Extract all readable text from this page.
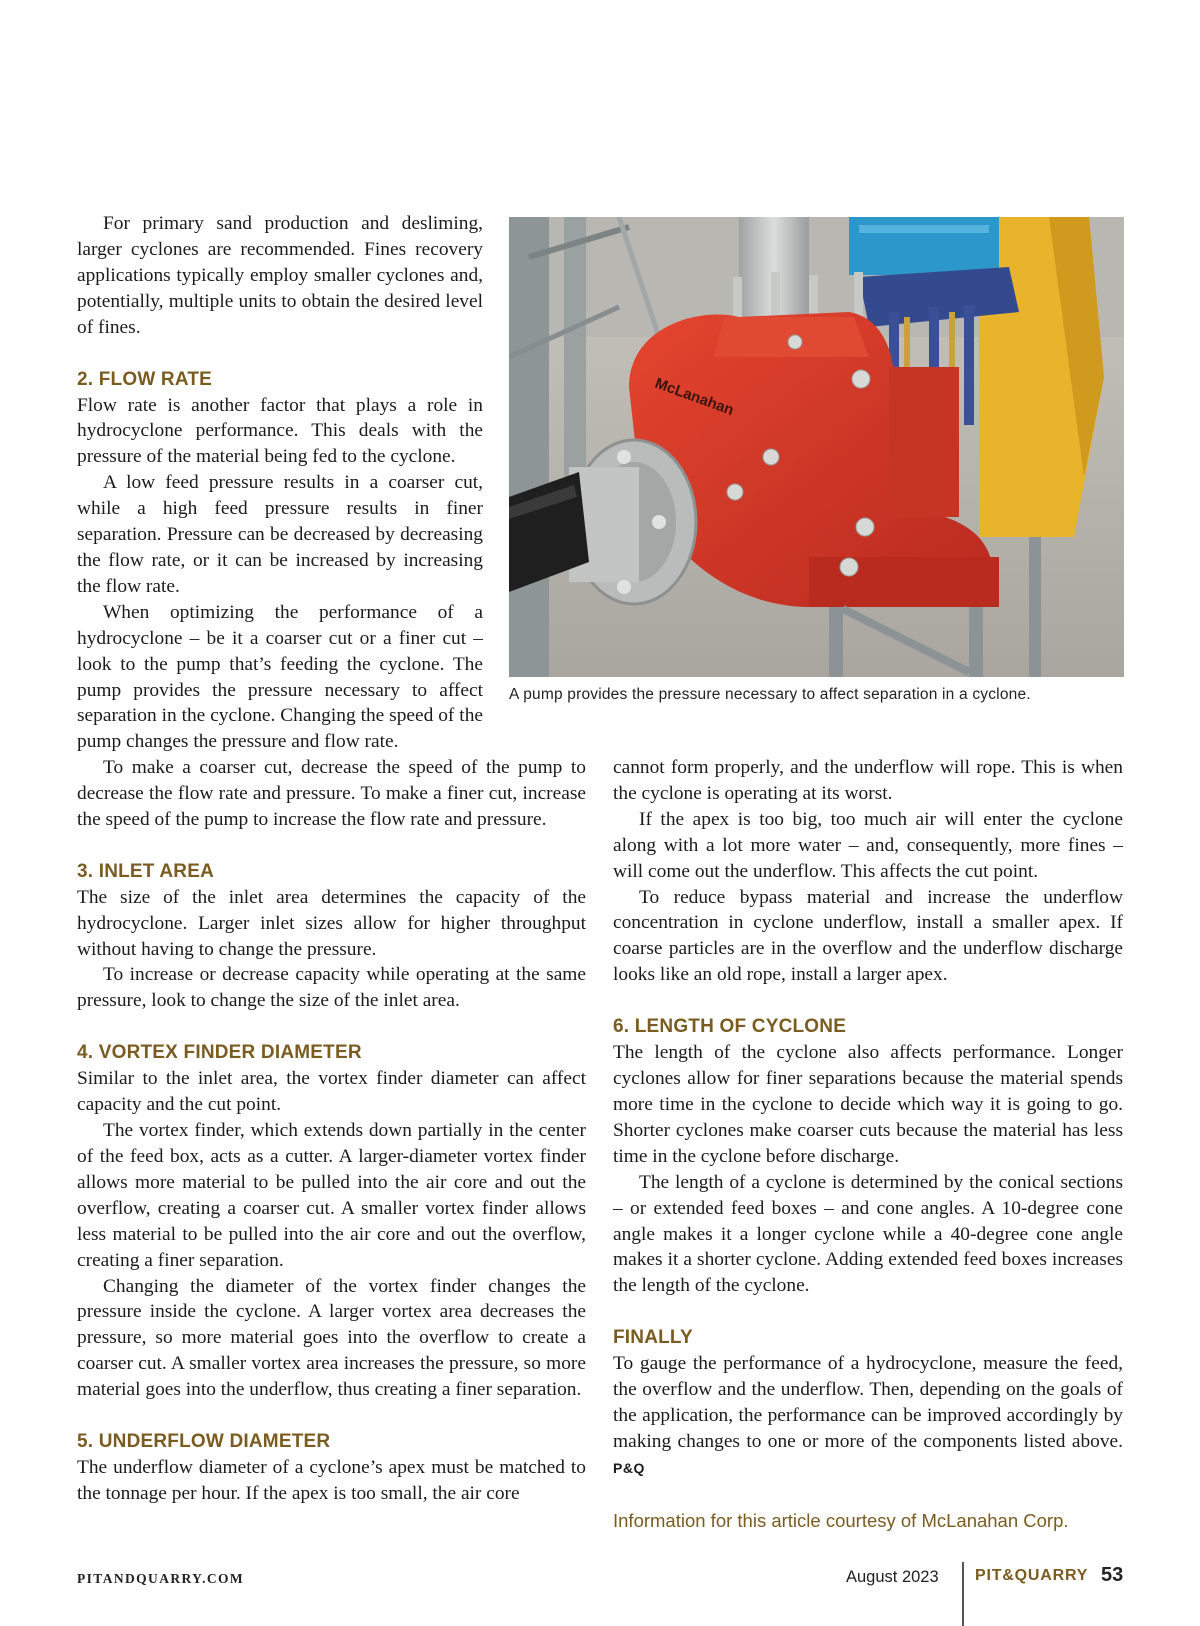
For primary sand production and desliming, larger cyclones are recommended. Fines recovery applications typically employ smaller cyclones and, potentially, multiple units to obtain the desired level of fines.

2. FLOW RATE

Flow rate is another factor that plays a role in hydrocyclone performance. This deals with the pressure of the material being fed to the cyclone.

A low feed pressure results in a coarser cut, while a high feed pressure results in finer separation. Pressure can be decreased by decreasing the flow rate, or it can be increased by increasing the flow rate.

When optimizing the performance of a hydrocyclone – be it a coarser cut or a finer cut – look to the pump that’s feeding the cyclone. The pump provides the pressure necessary to affect separation in the cyclone. Changing the speed of the pump changes the pressure and flow rate.

McLanahan
A pump provides the pressure necessary to affect separation in a cyclone.

To make a coarser cut, decrease the speed of the pump to decrease the flow rate and pressure. To make a finer cut, increase the speed of the pump to increase the flow rate and pressure.

3. INLET AREA

The size of the inlet area determines the capacity of the hydrocyclone. Larger inlet sizes allow for higher throughput without having to change the pressure.

To increase or decrease capacity while operating at the same pressure, look to change the size of the inlet area.

4. VORTEX FINDER DIAMETER

Similar to the inlet area, the vortex finder diameter can affect capacity and the cut point.

The vortex finder, which extends down partially in the center of the feed box, acts as a cutter. A larger-diameter vortex finder allows more material to be pulled into the air core and out the overflow, creating a coarser cut. A smaller vortex finder allows less material to be pulled into the air core and out the overflow, creating a finer separation.

Changing the diameter of the vortex finder changes the pressure inside the cyclone. A larger vortex area decreases the pressure, so more material goes into the overflow to create a coarser cut. A smaller vortex area increases the pressure, so more material goes into the underflow, thus creating a finer separation.

5. UNDERFLOW DIAMETER

The underflow diameter of a cyclone’s apex must be matched to the tonnage per hour. If the apex is too small, the air core

cannot form properly, and the underflow will rope. This is when the cyclone is operating at its worst.

If the apex is too big, too much air will enter the cyclone along with a lot more water – and, consequently, more fines – will come out the underflow. This affects the cut point.

To reduce bypass material and increase the underflow concentration in cyclone underflow, install a smaller apex. If coarse particles are in the overflow and the underflow discharge looks like an old rope, install a larger apex.

6. LENGTH OF CYCLONE

The length of the cyclone also affects performance. Longer cyclones allow for finer separations because the material spends more time in the cyclone to decide which way it is going to go. Shorter cyclones make coarser cuts because the material has less time in the cyclone before discharge.

The length of a cyclone is determined by the conical sections – or extended feed boxes – and cone angles. A 10-degree cone angle makes it a longer cyclone while a 40-degree cone angle makes it a shorter cyclone. Adding extended feed boxes increases the length of the cyclone.

FINALLY

To gauge the performance of a hydrocyclone, measure the feed, the overflow and the underflow. Then, depending on the goals of the application, the performance can be improved accordingly by making changes to one or more of the components listed above. P&Q

Information for this article courtesy of McLanahan Corp.
PITANDQUARRY.COM	August 2023 PIT&QUARRY 53
